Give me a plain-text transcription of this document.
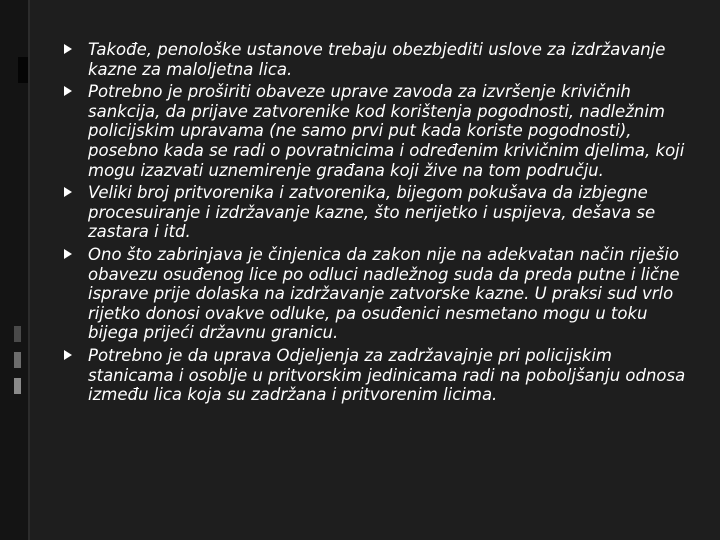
Takođe, penološke ustanove trebaju obezbjediti uslove za izdržavanje kazne za maloljetna lica.
Potrebno je proširiti obaveze uprave zavoda za izvršenje krivičnih sankcija, da prijave zatvorenike kod korištenja pogodnosti, nadležnim policijskim upravama (ne samo prvi put kada koriste pogodnosti), posebno kada se radi o povratnicima i određenim krivičnim djelima, koji mogu izazvati uznemirenje građana koji žive na tom području.
Veliki broj pritvorenika i zatvorenika, bijegom pokušava da izbjegne procesuiranje i izdržavanje kazne, što nerijetko i uspijeva, dešava se zastara i itd.
Ono što zabrinjava je činjenica da zakon nije na adekvatan način riješio obavezu osuđenog lice po odluci nadležnog suda da preda putne i lične isprave prije dolaska na izdržavanje zatvorske kazne. U praksi sud vrlo rijetko donosi ovakve odluke, pa osuđenici nesmetano mogu u toku bijega prijeći državnu granicu.
Potrebno je da uprava Odjeljenja za zadržavajnje pri policijskim stanicama i osoblje u pritvorskim jedinicama radi na poboljšanju odnosa između lica koja su zadržana i pritvorenim licima.
